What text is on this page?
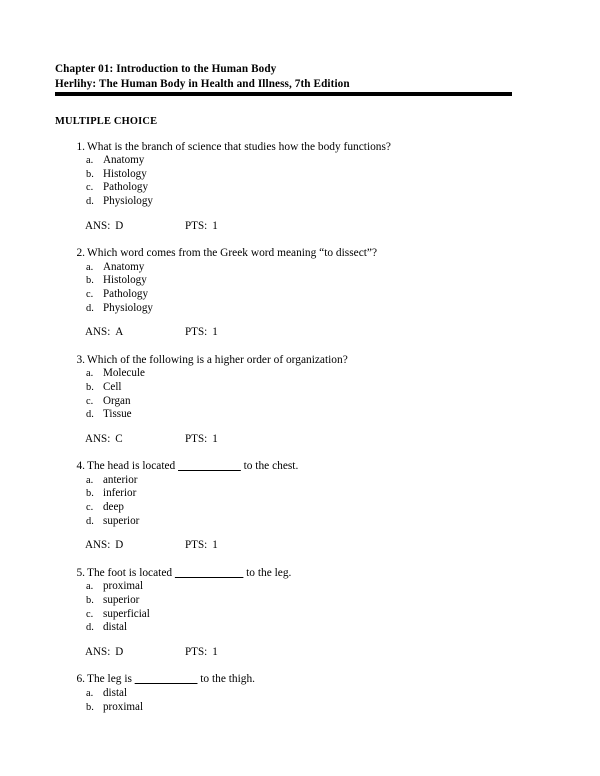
Chapter 01: Introduction to the Human Body
Herlihy: The Human Body in Health and Illness, 7th Edition
MULTIPLE CHOICE
1. What is the branch of science that studies how the body functions?
a. Anatomy
b. Histology
c. Pathology
d. Physiology
ANS: D	PTS: 1
2. Which word comes from the Greek word meaning “to dissect”?
a. Anatomy
b. Histology
c. Pathology
d. Physiology
ANS: A	PTS: 1
3. Which of the following is a higher order of organization?
a. Molecule
b. Cell
c. Organ
d. Tissue
ANS: C	PTS: 1
4. The head is located ___________ to the chest.
a. anterior
b. inferior
c. deep
d. superior
ANS: D	PTS: 1
5. The foot is located ____________ to the leg.
a. proximal
b. superior
c. superficial
d. distal
ANS: D	PTS: 1
6. The leg is ___________ to the thigh.
a. distal
b. proximal
